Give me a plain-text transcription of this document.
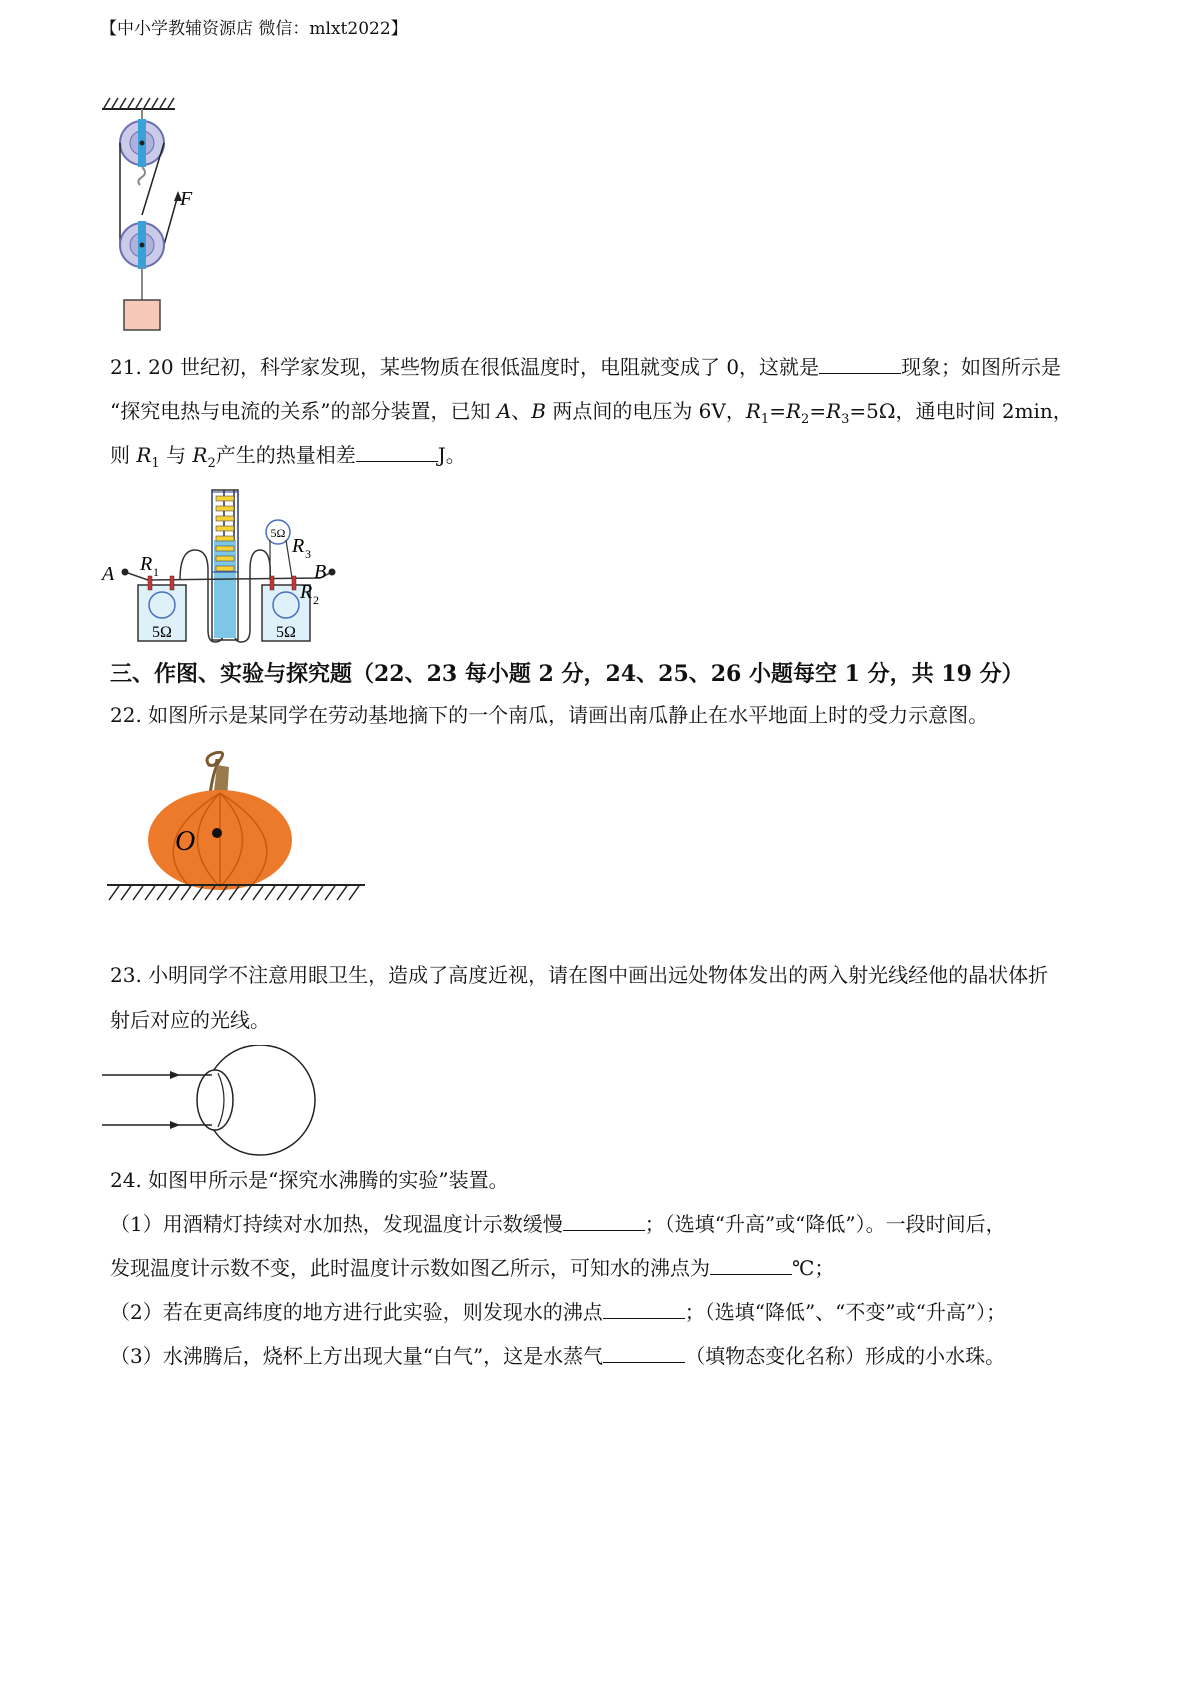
【中小学教辅资源店 微信：mlxt2022】
F
21. 20 世纪初，科学家发现，某些物质在很低温度时，电阻就变成了 0，这就是	现象；如图所示是
“探究电热与电流的关系”的部分装置，已知 A、B 两点间的电压为 6V，$R_1=R_2=R_3=5\Omega$，通电时间 2min，
则 $R_1$ 与 $R_2$产生的热量相差	J。
5Ω	5Ω
5Ω
A R 1
R 3
B
R 2
三、作图、实验与探究题（22、23 每小题 2 分，24、25、26 小题每空 1 分，共 19 分）
22. 如图所示是某同学在劳动基地摘下的一个南瓜，请画出南瓜静止在水平地面上时的受力示意图。
O
23. 小明同学不注意用眼卫生，造成了高度近视，请在图中画出远处物体发出的两入射光线经他的晶状体折
射后对应的光线。
24. 如图甲所示是“探究水沸腾的实验”装置。
（1）用酒精灯持续对水加热，发现温度计示数缓慢	；（选填“升高”或“降低”）。一段时间后，
发现温度计示数不变，此时温度计示数如图乙所示，可知水的沸点为	℃；
（2）若在更高纬度的地方进行此实验，则发现水的沸点	；（选填“降低”、“不变”或“升高”）；
（3）水沸腾后，烧杯上方出现大量“白气”，这是水蒸气	（填物态变化名称）形成的小水珠。
